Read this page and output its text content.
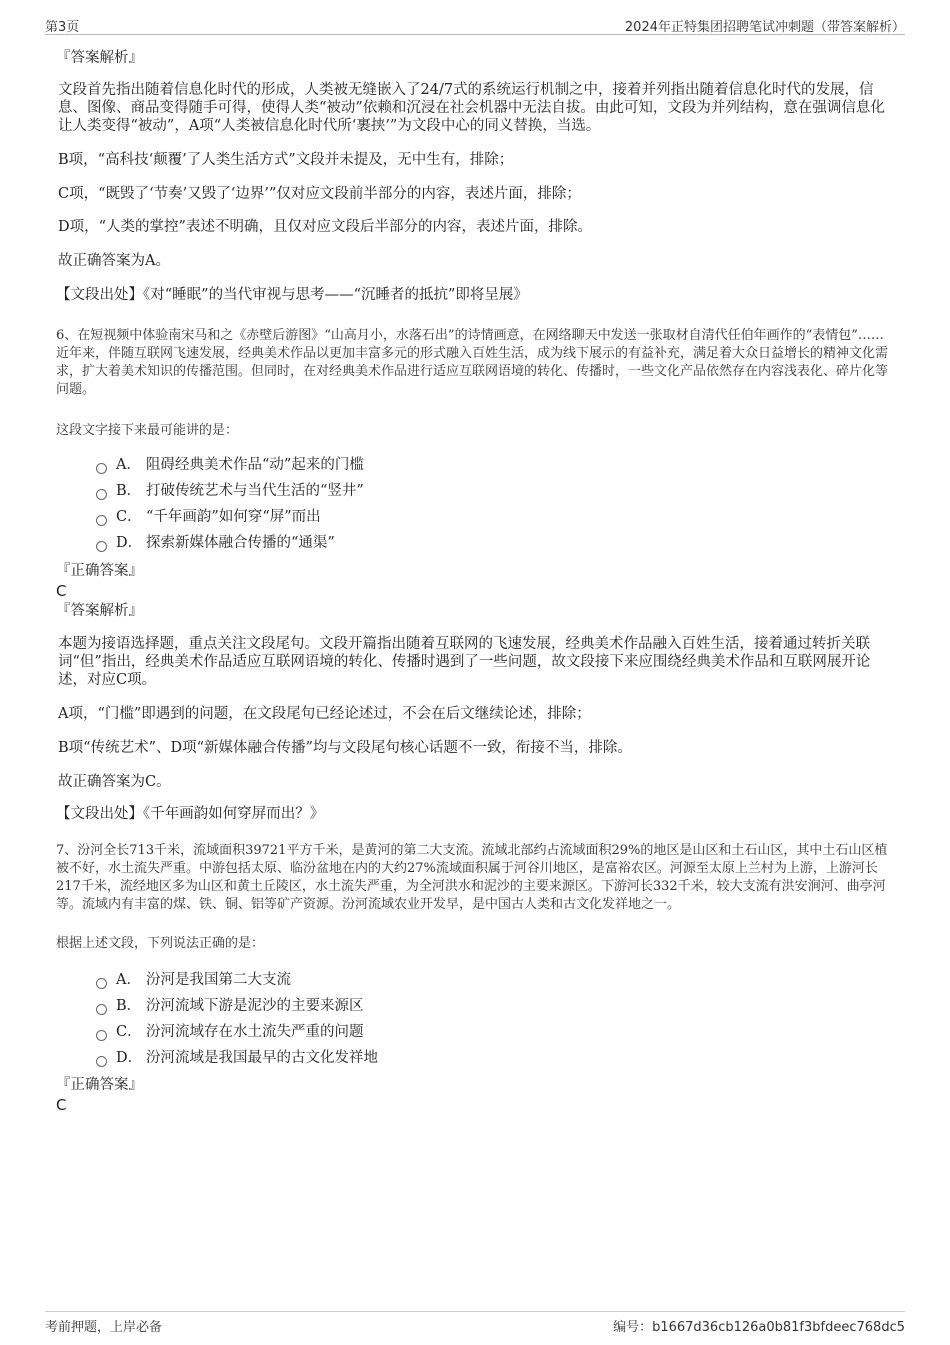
第3页	2024年正特集团招聘笔试冲刺题（带答案解析）
『答案解析』

文段首先指出随着信息化时代的形成，人类被无缝嵌入了24/7式的系统运行机制之中，接着并列指出随着信息化时代的发展，信息、图像、商品变得随手可得，使得人类“被动”依赖和沉浸在社会机器中无法自拔。由此可知，文段为并列结构，意在强调信息化让人类变得“被动”，A项“人类被信息化时代所‘裹挟’”为文段中心的同义替换，当选。

B项，“高科技‘颠覆’了人类生活方式”文段并未提及，无中生有，排除；

C项，“既毁了‘节奏’又毁了‘边界’”仅对应文段前半部分的内容，表述片面，排除；

D项，“人类的掌控”表述不明确，且仅对应文段后半部分的内容，表述片面，排除。

故正确答案为A。

【文段出处】《对“睡眠”的当代审视与思考——“沉睡者的抵抗”即将呈展》

6、在短视频中体验南宋马和之《赤壁后游图》“山高月小，水落石出”的诗情画意，在网络聊天中发送一张取材自清代任伯年画作的“表情包”……近年来，伴随互联网飞速发展，经典美术作品以更加丰富多元的形式融入百姓生活，成为线下展示的有益补充，满足着大众日益增长的精神文化需求，扩大着美术知识的传播范围。但同时，在对经典美术作品进行适应互联网语境的转化、传播时，一些文化产品依然存在内容浅表化、碎片化等问题。

这段文字接下来最可能讲的是：

A． 阻碍经典美术作品“动”起来的门槛
B． 打破传统艺术与当代生活的“竖井”
C． “千年画韵”如何穿“屏”而出
D． 探索新媒体融合传播的“通渠”
『正确答案』
C
『答案解析』

本题为接语选择题，重点关注文段尾句。文段开篇指出随着互联网的飞速发展，经典美术作品融入百姓生活，接着通过转折关联词“但”指出，经典美术作品适应互联网语境的转化、传播时遇到了一些问题，故文段接下来应围绕经典美术作品和互联网展开论述，对应C项。

A项，“门槛”即遇到的问题，在文段尾句已经论述过，不会在后文继续论述，排除；

B项“传统艺术”、D项“新媒体融合传播”均与文段尾句核心话题不一致，衔接不当，排除。

故正确答案为C。

【文段出处】《千年画韵如何穿屏而出？》

7、汾河全长713千米，流域面积39721平方千米，是黄河的第二大支流。流域北部约占流域面积29%的地区是山区和土石山区，其中土石山区植被不好，水土流失严重。中游包括太原、临汾盆地在内的大约27%流域面积属于河谷川地区，是富裕农区。河源至太原上兰村为上游，上游河长217千米，流经地区多为山区和黄土丘陵区，水土流失严重，为全河洪水和泥沙的主要来源区。下游河长332千米，较大支流有洪安涧河、曲亭河等。流域内有丰富的煤、铁、铜、铝等矿产资源。汾河流域农业开发早，是中国古人类和古文化发祥地之一。

根据上述文段，下列说法正确的是：

A． 汾河是我国第二大支流
B． 汾河流域下游是泥沙的主要来源区
C． 汾河流域存在水土流失严重的问题
D． 汾河流域是我国最早的古文化发祥地
『正确答案』
C
考前押题，上岸必备	编号：b1667d36cb126a0b81f3bfdeec768dc5
